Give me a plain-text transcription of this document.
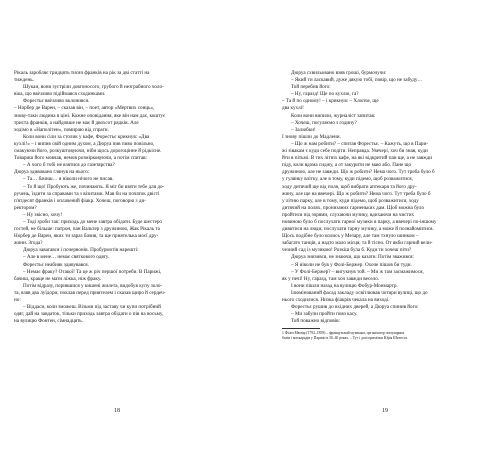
Рікаль заробляє тридцять тисяч франків на рік за дві статті на
тиждень.
Шукаи, вони зустріли довгоносого, грубого й незграбного чоло-
віка, що ввічливо підіймався сходинками.
Форестьє ввічливо вклонився.
– Норбер де Варен, – сказав він, – поет, автор «Мертвих сонць»,
знову-таки людина в ціні. Кожне оповідання, яке він нам дає, коштує
триста франків, а найдовше не має й двохсот рядків. Але
ходімо в «Наполітен», помираю від спраги.
Коли вони сіли за столик у кафе, Форестьє крикнув: «Два
кухлі!» – і випив свій одним духом, а Дюруа пив пиво повільно,
смакуючи його, розкуштовуючи, ніби щось дорогоцінне й рідкісне.
Товариш його мовчав, немов розмірковуючи, а потім спитав:
– А чого б тобі не взятися до газетярства?
Дюруа здивовано глянув на нього:
– Та… бачиш… я ніколи нічого не писав.
– То й що! Пробують же, починають. Я міг би взяти тебе для до-
ручень, їздити за справами та з візитами. Мав би на початок двісті
п'ятдесят франків і оплачений фіакр. Хочеш, поговорю з ди-
ректором?
– Ну звісно, хочу!
– Тоді зроби так: приходь до мене завтра обідати. Буде шестеро
гостей, не більше: патрон, пан Вальтер з дружиною, Жак Рікаль та
Норбер де Варен, яких ти зараз бачив, та ще приятелька моєї дру-
жини. Згода?
Дюруа завагався і почервонів. Пробурмотів нарешті:
– Але в мене… немає святкового одягу.
Форестьє неабияк здивувався.
– Немає фраку? Отакої! Та це ж річ першої потреби. В Парижі,
бачиш, краще не мати ліжка, ніж фраку.
Потім відразу, порившися у кишені жилета, видобув купу золо-
та, взяв два луїдори, поклав перед приятелем і сказав щиро й сердеч-
но:
– Віддаси, коли зможеш. Візьми під заставу чи купи потрібний
одяг, дай на завдаток, тільки приходь завтра обідати о пів на восьму,
на вулицю Фонтен, сімнадцять.
18
Дюруа схвильовано взяв гроші, бурмочучи:
– Який ти ласкавий, дуже дякую тобі, повір, що не забуду…
Той перебив його:
– Ну, гаразд! Ще по кухлю, га?
– Та й по одному! – і крикнув: – Хлопче, ще
два кухлі!
Коли вони випили, журналіст запитав:
– Хочеш, погуляємо з годину?
– Залюбки!
І знову пішли до Мадлени.
– Що ж нам робити? – спитав Форестьє. – Кажуть, що в Пари-
жі зівакам є куди себе подіти. Неправда. Увечері, хоч би знав, куди
йти в пітьмі. В тих літніх кафе, на які відкритий пан ще, а не завжди
піду, коли вдома сиджу, а от закурити не маю або. Пане що
дружиною, але не завжди. Що ж робити? Нема чого. Тут треба було б
у гулянку влітку, але в тому, куди підемо, щоб розважитися,
ходу дитячий ще від поля, щоб вибрати аптекаря та його дру-
жину, але ще на ввечері. Що ж робити? Нема чого. Тут треба було б
у літню парку, але в тому, куди підемо, щоб розважитися, ходу
дитячий на полях, пронизаних гарненьких дам. Щоб можна було
пройтися під зорями, слухаючи музику, вдихаючи на чистих
новиною було б послухати гарної музики в парку, а ввечері по-іншому
дивитися на люди, послухати гарну музику, а може й познайомитися.
Щось подібне було колись у Мезару, але там тхнуло шинком –
забагато танців, а надто мало місця, та й тісно. От якби гарний вели-
чезний сад із музикою! Розкіш була б. Куди ти хочеш піти?
Дюруа знизився, не знаючи, що казати. Потім зважився:
– Я ніколи не був у Фолі-Бержер. Охоче пішов би туди.
– У Фолі-Бержер? – вигукнув той. – Ми ж там засмажимося,
як у печі! Ну, гаразд, там хоч завжди весело.
І вони пішли назад на вулицю Фобур-Монмартр.
Ілюмінований фасад закладу освітлював чотири вулиці, що до
нього сходилися. Низка фіакрів чекала на виході.
Форестьє рушив до вхідних дверей, а Дюруа спинив його:
– Ми забули пройти повз касу.
Той поважно відповів:
1 Філіп Мюзар (1792–1859) – французький музикант, організатор популярних
балів і маскарадів у Парижі в 30–40 роках. – Тут і далі примітки Юрія Шелеста.
19
